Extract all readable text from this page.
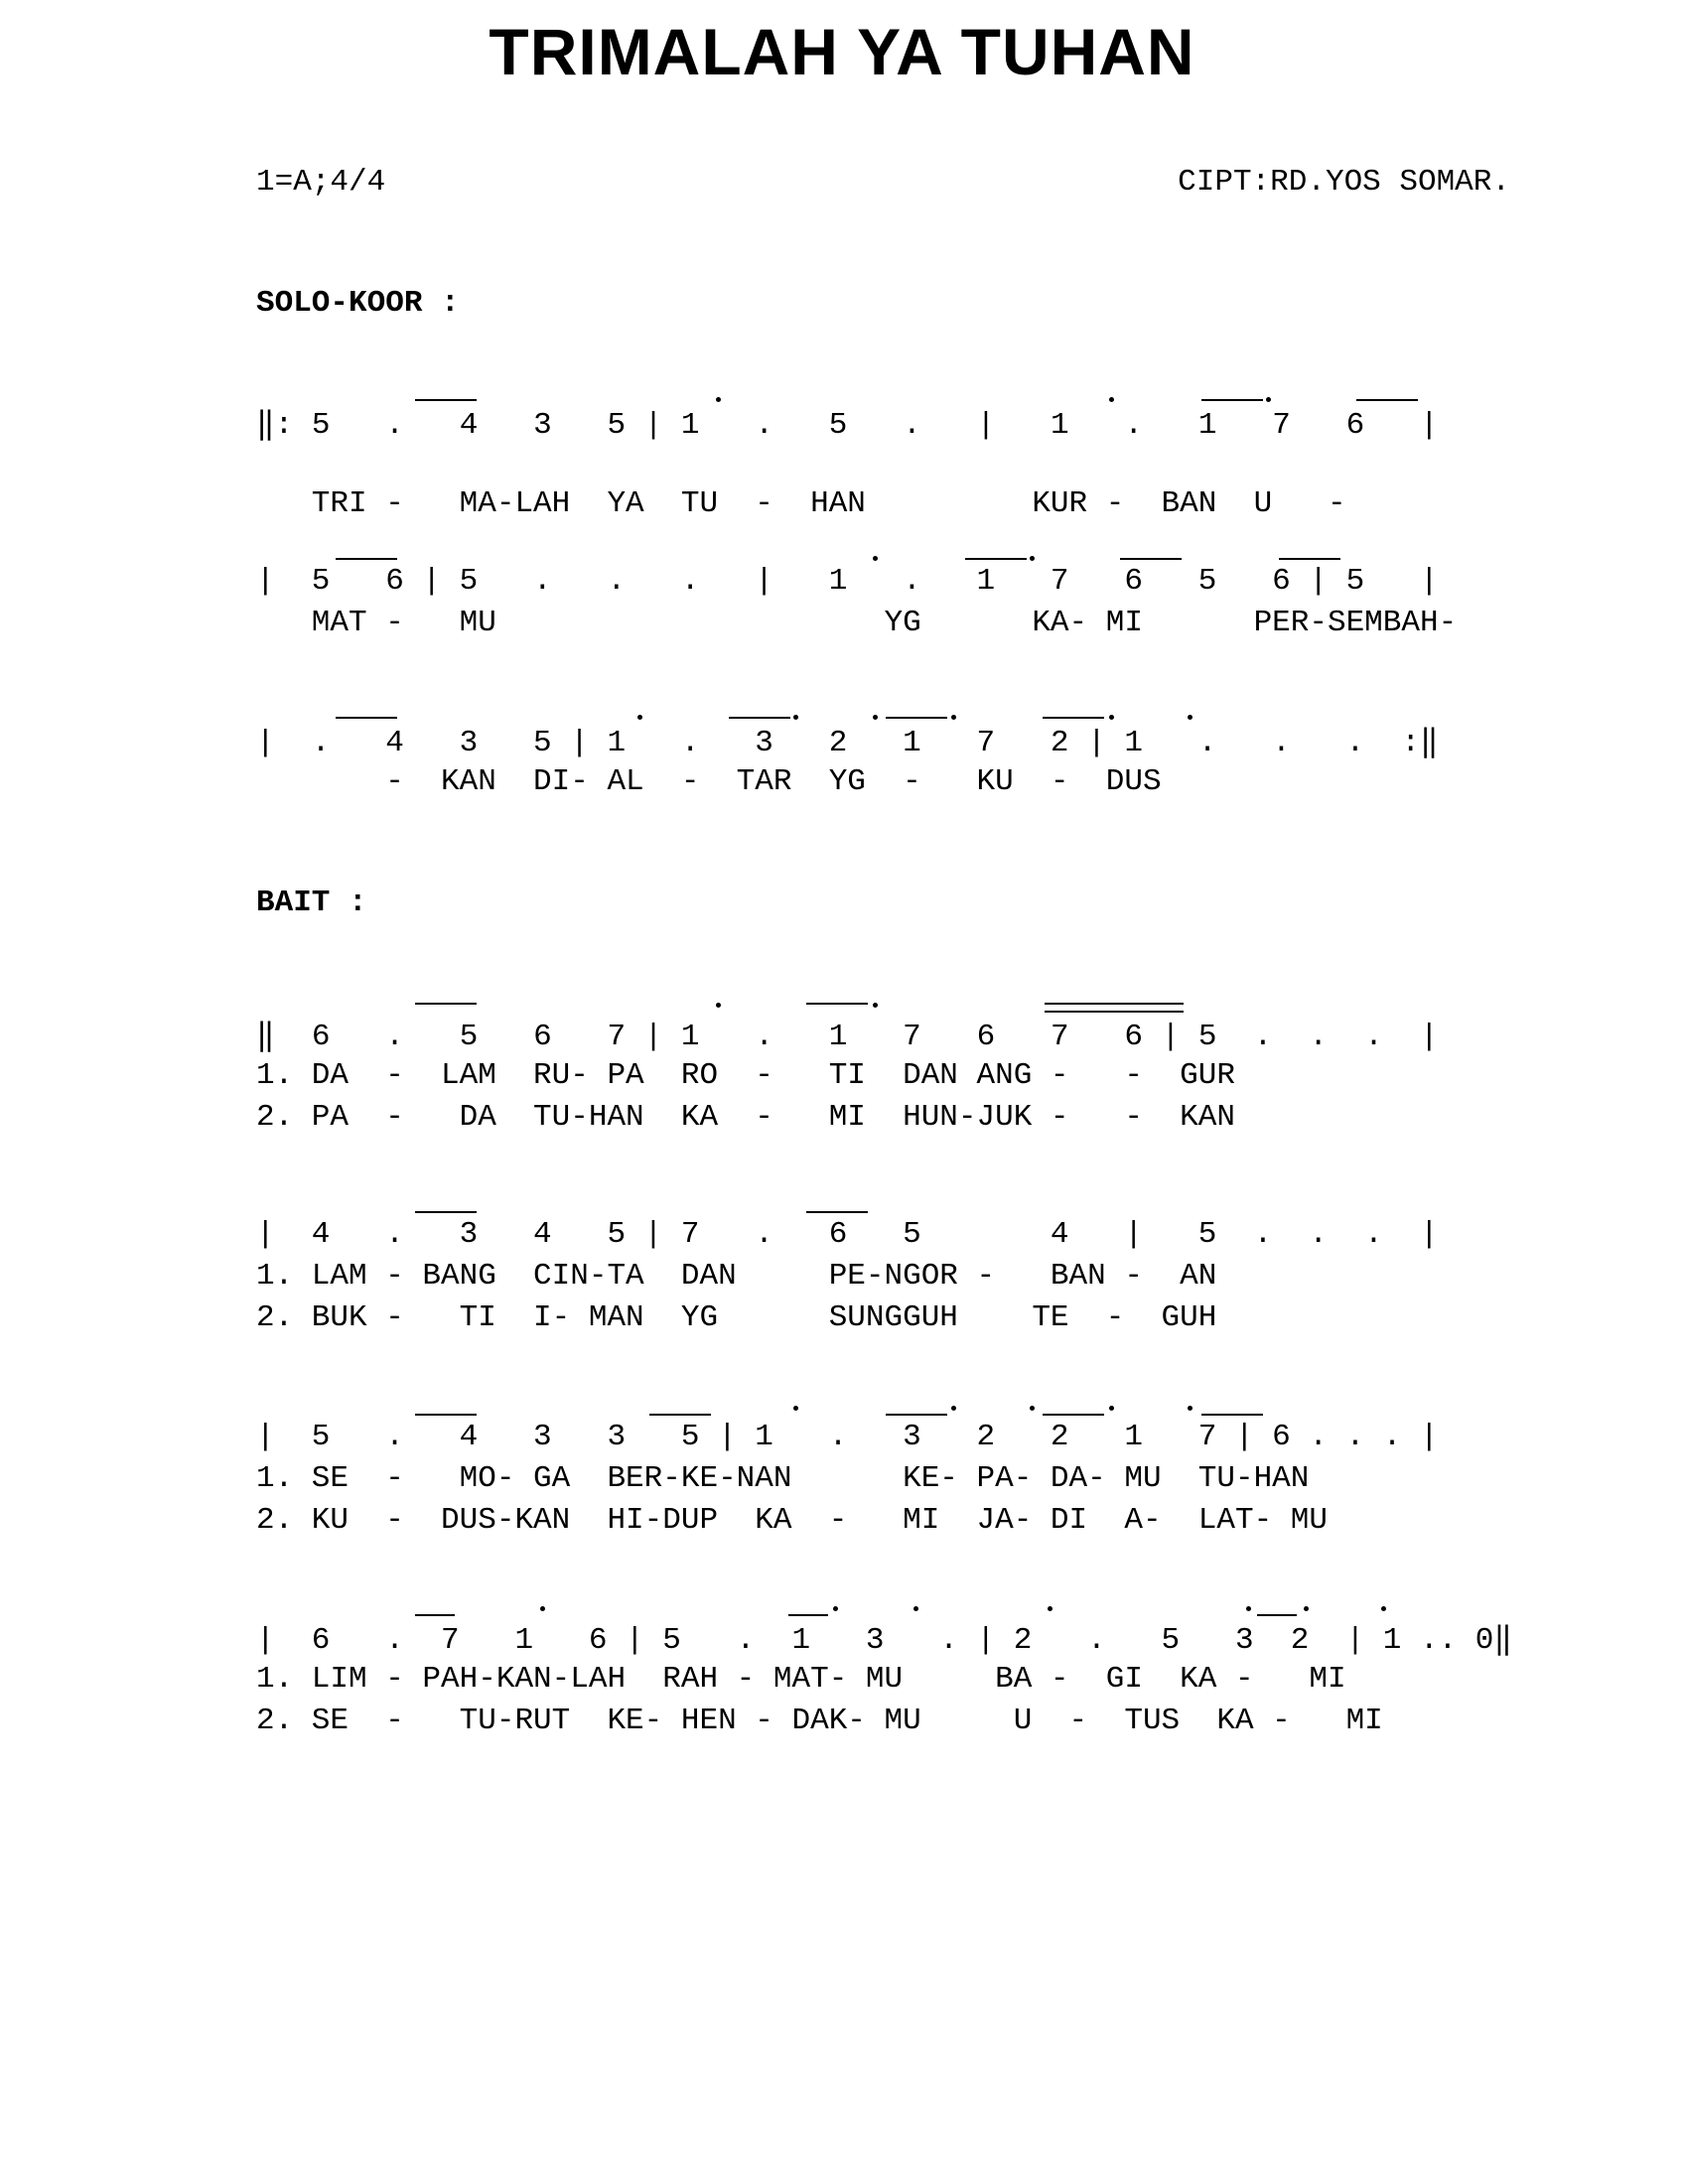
TRIMALAH YA TUHAN
1=A;4/4	CIPT:RD.YOS SOMAR.
SOLO-KOOR :
‖: 5   .   4   3   5 | 1   .   5   .   |   1   .   1   7   6   |
TRI -   MA-LAH  YA  TU  -  HAN         KUR -  BAN  U   -
|  5   6 | 5   .   .   .   |   1   .   1   7   6   5   6 | 5   |
MAT -   MU                     YG      KA- MI      PER-SEMBAH-
|  .   4   3   5 | 1   .   3   2   1   7   2 | 1   .   .   .  :‖
-  KAN  DI- AL  -  TAR  YG  -   KU  -  DUS
BAIT :
‖  6   .   5   6   7 | 1   .   1   7   6   7   6 | 5  .  .  .  |
1. DA  -  LAM  RU- PA  RO  -   TI  DAN ANG -   -  GUR
2. PA  -   DA  TU-HAN  KA  -   MI  HUN-JUK -   -  KAN
|  4   .   3   4   5 | 7   .   6   5       4   |   5  .  .  .  |
1. LAM - BANG  CIN-TA  DAN     PE-NGOR -   BAN -  AN
2. BUK -   TI  I- MAN  YG      SUNGGUH    TE  -  GUH
|  5   .   4   3   3   5 | 1   .   3   2   2   1   7 | 6 . . . |
1. SE  -   MO- GA  BER-KE-NAN      KE- PA- DA- MU  TU-HAN
2. KU  -  DUS-KAN  HI-DUP  KA  -   MI  JA- DI  A-  LAT- MU
|  6   .  7   1   6 | 5   .  1   3   . | 2   .   5   3  2  | 1 .. 0‖
1. LIM - PAH-KAN-LAH  RAH - MAT- MU     BA -  GI  KA -   MI
2. SE  -   TU-RUT  KE- HEN - DAK- MU     U  -  TUS  KA -   MI
